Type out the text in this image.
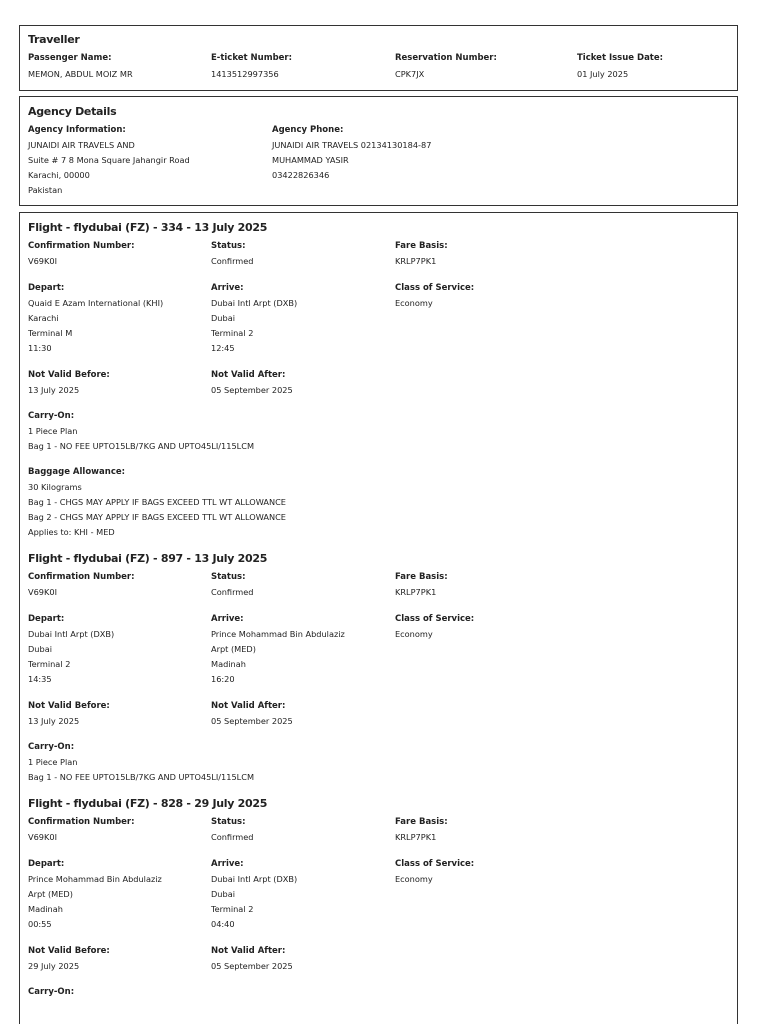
Traveller
Passenger Name:
MEMON, ABDUL MOIZ MR
E-ticket Number:
1413512997356
Reservation Number:
CPK7JX
Ticket Issue Date:
01 July 2025
Agency Details
Agency Information:
JUNAIDI AIR TRAVELS AND
Suite # 7 8 Mona Square Jahangir Road
Karachi, 00000
Pakistan
Agency Phone:
JUNAIDI AIR TRAVELS 02134130184-87
MUHAMMAD YASIR
03422826346
Flight - flydubai (FZ) - 334 - 13 July 2025
Confirmation Number:
V69K0I
Status:
Confirmed
Fare Basis:
KRLP7PK1
Depart:
Quaid E Azam International (KHI)
Karachi
Terminal M
11:30
Arrive:
Dubai Intl Arpt (DXB)
Dubai
Terminal 2
12:45
Class of Service:
Economy
Not Valid Before:
13 July 2025
Not Valid After:
05 September 2025
Carry-On:
1 Piece Plan
Bag 1 - NO FEE UPTO15LB/7KG AND UPTO45LI/115LCM
Baggage Allowance:
30 Kilograms
Bag 1 - CHGS MAY APPLY IF BAGS EXCEED TTL WT ALLOWANCE
Bag 2 - CHGS MAY APPLY IF BAGS EXCEED TTL WT ALLOWANCE
Applies to: KHI - MED
Flight - flydubai (FZ) - 897 - 13 July 2025
Confirmation Number:
V69K0I
Status:
Confirmed
Fare Basis:
KRLP7PK1
Depart:
Dubai Intl Arpt (DXB)
Dubai
Terminal 2
14:35
Arrive:
Prince Mohammad Bin Abdulaziz
Arpt (MED)
Madinah
16:20
Class of Service:
Economy
Not Valid Before:
13 July 2025
Not Valid After:
05 September 2025
Carry-On:
1 Piece Plan
Bag 1 - NO FEE UPTO15LB/7KG AND UPTO45LI/115LCM
Flight - flydubai (FZ) - 828 - 29 July 2025
Confirmation Number:
V69K0I
Status:
Confirmed
Fare Basis:
KRLP7PK1
Depart:
Prince Mohammad Bin Abdulaziz
Arpt (MED)
Madinah
00:55
Arrive:
Dubai Intl Arpt (DXB)
Dubai
Terminal 2
04:40
Class of Service:
Economy
Not Valid Before:
29 July 2025
Not Valid After:
05 September 2025
Carry-On:
